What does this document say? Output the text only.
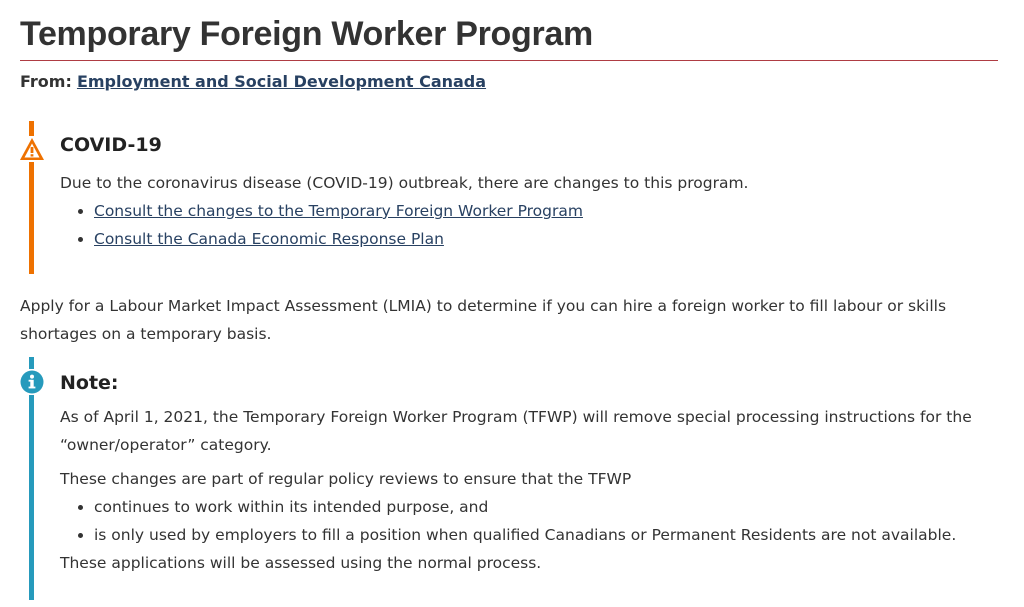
Temporary Foreign Worker Program
From: Employment and Social Development Canada
COVID-19

Due to the coronavirus disease (COVID-19) outbreak, there are changes to this program.

• Consult the changes to the Temporary Foreign Worker Program
• Consult the Canada Economic Response Plan

Apply for a Labour Market Impact Assessment (LMIA) to determine if you can hire a foreign worker to fill labour or skills shortages on a temporary basis.

Note:

As of April 1, 2021, the Temporary Foreign Worker Program (TFWP) will remove special processing instructions for the “owner/operator” category.

These changes are part of regular policy reviews to ensure that the TFWP

• continues to work within its intended purpose, and
• is only used by employers to fill a position when qualified Canadians or Permanent Residents are not available.

These applications will be assessed using the normal process.
